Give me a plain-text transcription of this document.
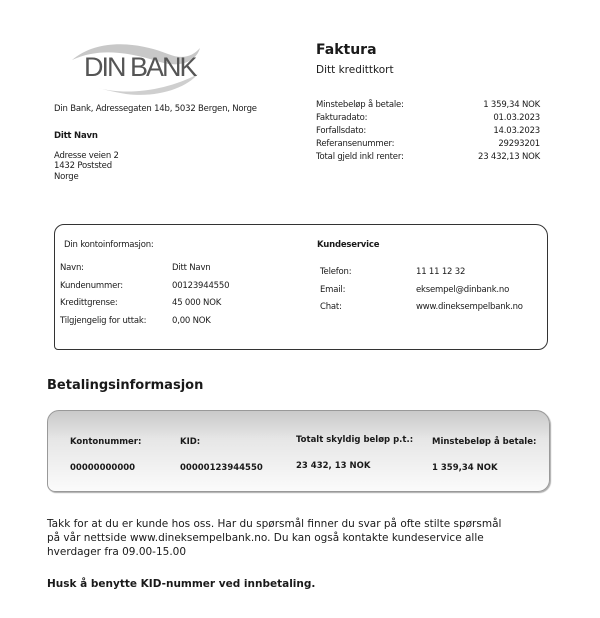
DIN BANK
Din Bank, Adressegaten 14b, 5032 Bergen, Norge
Ditt Navn
Adresse veien 2
1432 Poststed
Norge
Faktura
Ditt kredittkort
Minstebeløp å betale:	1 359,34 NOK
Fakturadato:	01.03.2023
Forfallsdato:	14.03.2023
Referansenummer:	29293201
Total gjeld inkl renter:	23 432,13 NOK
Din kontoinformasjon:
Navn:	Ditt Navn
Kundenummer:	00123944550
Kredittgrense:	45 000 NOK
Tilgjengelig for uttak:	0,00 NOK
Kundeservice
Telefon:	11 11 12 32
Email:	eksempel@dinbank.no
Chat:	www.dineksempelbank.no
Betalingsinformasjon
Kontonummer:
00000000000
KID:
00000123944550
Totalt skyldig beløp p.t.:
23 432, 13 NOK
Minstebeløp å betale:
1 359,34 NOK
Takk for at du er kunde hos oss. Har du spørsmål finner du svar på ofte stilte spørsmål på vår nettside www.dineksempelbank.no. Du kan også kontakte kundeservice alle hverdager fra 09.00-15.00
Husk å benytte KID-nummer ved innbetaling.
